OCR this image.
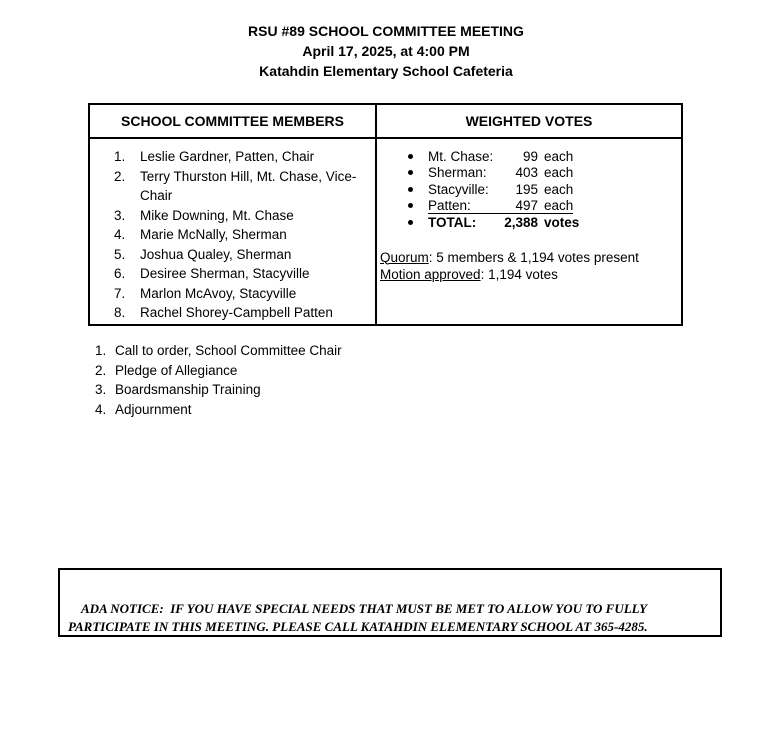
RSU #89 SCHOOL COMMITTEE MEETING
April 17, 2025, at 4:00 PM
Katahdin Elementary School Cafeteria
SCHOOL COMMITTEE MEMBERS	WEIGHTED VOTES
1.	Leslie Gardner, Patten, Chair
2.	Terry Thurston Hill, Mt. Chase, Vice-Chair
3.	Mike Downing, Mt. Chase
4.	Marie McNally, Sherman
5.	Joshua Qualey, Sherman
6.	Desiree Sherman, Stacyville
7.	Marlon McAvoy, Stacyville
8.	Rachel Shorey-Campbell Patten
Mt. Chase:	99 each
Sherman:	403 each
Stacyville:	195 each
Patten:	497 each
TOTAL:	2,388 votes
Quorum: 5 members & 1,194 votes present
Motion approved: 1,194 votes
1. Call to order, School Committee Chair
2. Pledge of Allegiance
3. Boardsmanship Training
4. Adjournment

ADA NOTICE:  IF YOU HAVE SPECIAL NEEDS THAT MUST BE MET TO ALLOW YOU TO FULLY PARTICIPATE IN THIS MEETING. PLEASE CALL KATAHDIN ELEMENTARY SCHOOL AT 365-4285.
